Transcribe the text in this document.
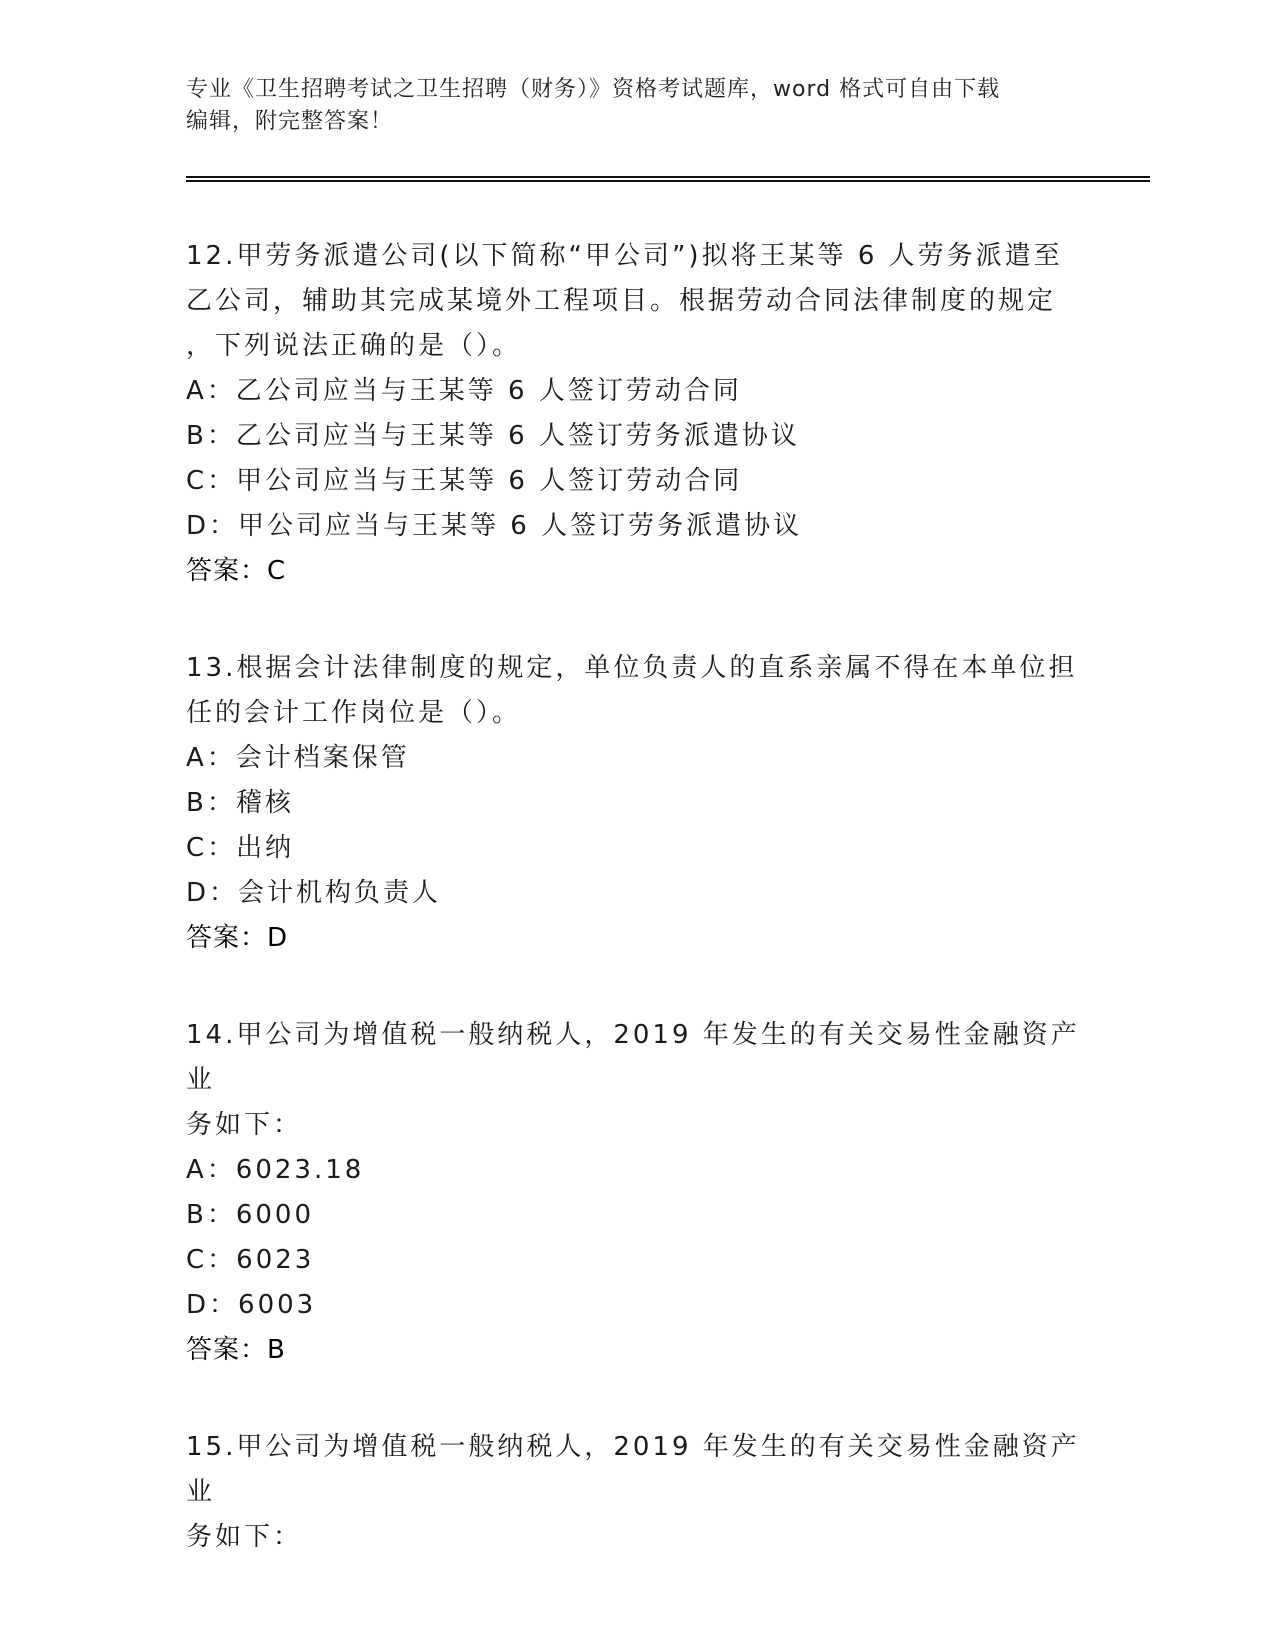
专业《卫生招聘考试之卫生招聘（财务）》资格考试题库，word 格式可自由下载
编辑，附完整答案！
12.甲劳务派遣公司(以下简称“甲公司”)拟将王某等 6 人劳务派遣至
乙公司，辅助其完成某境外工程项目。根据劳动合同法律制度的规定
，下列说法正确的是（）。
A：乙公司应当与王某等 6 人签订劳动合同
B：乙公司应当与王某等 6 人签订劳务派遣协议
C：甲公司应当与王某等 6 人签订劳动合同
D：甲公司应当与王某等 6 人签订劳务派遣协议
答案：C
13.根据会计法律制度的规定，单位负责人的直系亲属不得在本单位担
任的会计工作岗位是（）。
A：会计档案保管
B：稽核
C：出纳
D：会计机构负责人
答案：D
14.甲公司为增值税一般纳税人，2019 年发生的有关交易性金融资产业
务如下：
A：6023.18
B：6000
C：6023
D：6003
答案：B
15.甲公司为增值税一般纳税人，2019 年发生的有关交易性金融资产业
务如下：
